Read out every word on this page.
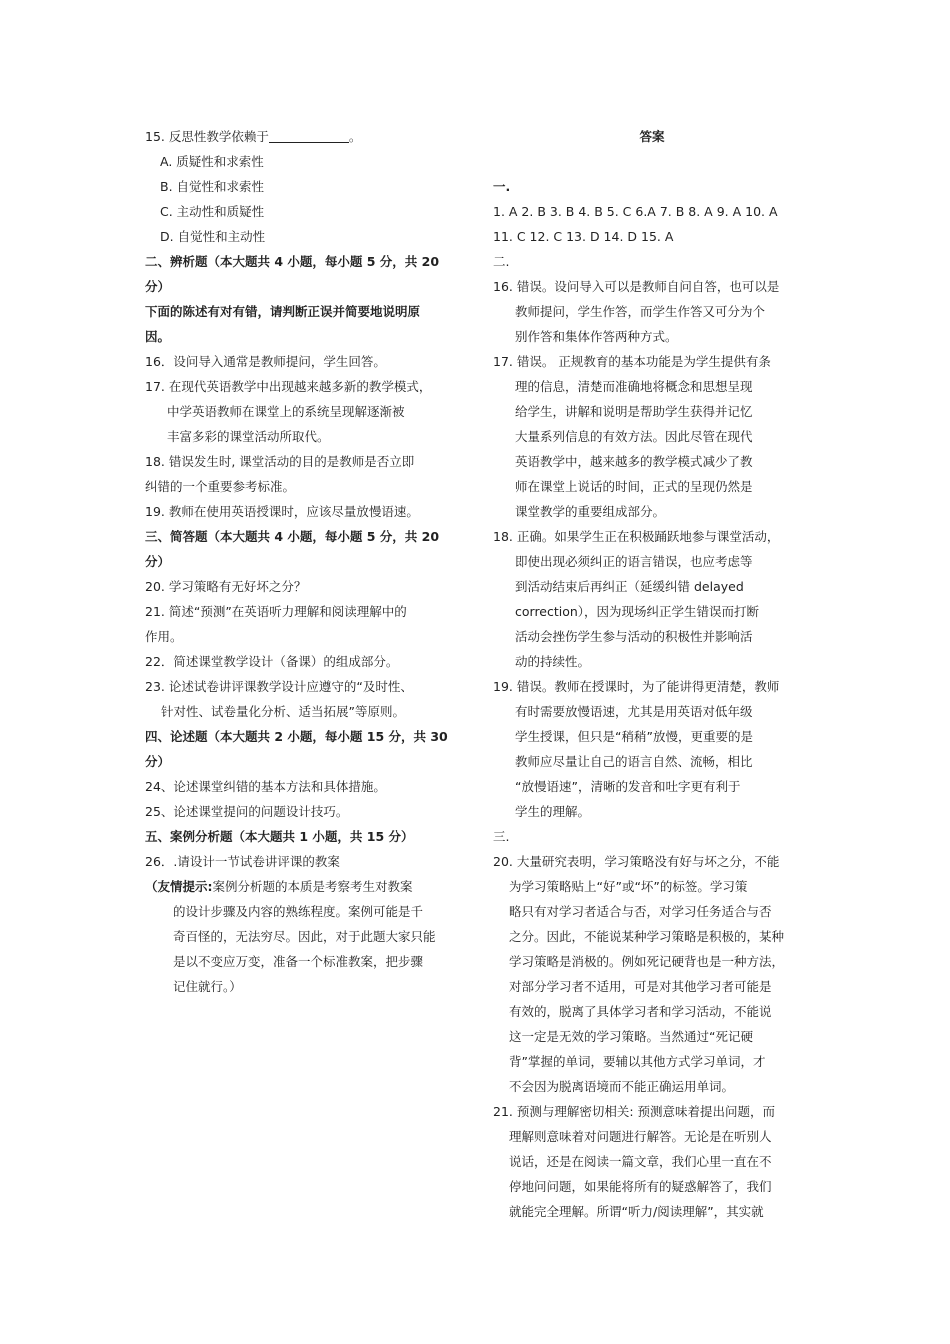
15. 反思性教学依赖于	。
A. 质疑性和求索性
B. 自觉性和求索性
C. 主动性和质疑性
D. 自觉性和主动性
二、辨析题（本大题共 4 小题，每小题 5 分，共 20
分）
下面的陈述有对有错，请判断正误并简要地说明原
因。
16．设问导入通常是教师提问，学生回答。
17. 在现代英语教学中出现越来越多新的教学模式，
中学英语教师在课堂上的系统呈现解逐渐被
丰富多彩的课堂活动所取代。
18. 错误发生时, 课堂活动的目的是教师是否立即
纠错的一个重要参考标准。
19. 教师在使用英语授课时，应该尽量放慢语速。
三、简答题（本大题共 4 小题，每小题 5 分，共 20
分）
20. 学习策略有无好坏之分？
21. 简述“预测”在英语听力理解和阅读理解中的
作用。
22．简述课堂教学设计（备课）的组成部分。
23. 论述试卷讲评课教学设计应遵守的“及时性、
针对性、试卷量化分析、适当拓展”等原则。
四、论述题（本大题共 2 小题，每小题 15 分，共 30
分）
24、论述课堂纠错的基本方法和具体措施。
25、论述课堂提问的问题设计技巧。
五、案例分析题（本大题共 1 小题，共 15 分）
26．.请设计一节试卷讲评课的教案
（友情提示:案例分析题的本质是考察考生对教案
的设计步骤及内容的熟练程度。案例可能是千
奇百怪的，无法穷尽。因此，对于此题大家只能
是以不变应万变，准备一个标准教案，把步骤
记住就行。）
答案

一.
1. A 2. B 3. B 4. B 5. C 6.A 7. B 8. A 9. A 10. A
11. C 12. C 13. D 14. D 15. A
二.
16. 错误。设问导入可以是教师自问自答，也可以是
教师提问，学生作答，而学生作答又可分为个
别作答和集体作答两种方式。
17. 错误。 正规教育的基本功能是为学生提供有条
理的信息，清楚而准确地将概念和思想呈现
给学生，讲解和说明是帮助学生获得并记忆
大量系列信息的有效方法。因此尽管在现代
英语教学中，越来越多的教学模式减少了教
师在课堂上说话的时间，正式的呈现仍然是
课堂教学的重要组成部分。
18. 正确。如果学生正在积极踊跃地参与课堂活动，
即使出现必须纠正的语言错误，也应考虑等
到活动结束后再纠正（延缓纠错 delayed
correction），因为现场纠正学生错误而打断
活动会挫伤学生参与活动的积极性并影响活
动的持续性。
19. 错误。教师在授课时，为了能讲得更清楚，教师
有时需要放慢语速，尤其是用英语对低年级
学生授课，但只是“稍稍”放慢，更重要的是
教师应尽量让自己的语言自然、流畅，相比
“放慢语速”，清晰的发音和吐字更有利于
学生的理解。
三.
20. 大量研究表明，学习策略没有好与坏之分，不能
为学习策略贴上“好”或“坏”的标签。学习策
略只有对学习者适合与否，对学习任务适合与否
之分。因此，不能说某种学习策略是积极的，某种
学习策略是消极的。例如死记硬背也是一种方法，
对部分学习者不适用，可是对其他学习者可能是
有效的，脱离了具体学习者和学习活动，不能说
这一定是无效的学习策略。当然通过“死记硬
背”掌握的单词，要辅以其他方式学习单词，才
不会因为脱离语境而不能正确运用单词。
21. 预测与理解密切相关: 预测意味着提出问题，而
理解则意味着对问题进行解答。无论是在听别人
说话，还是在阅读一篇文章，我们心里一直在不
停地问问题，如果能将所有的疑惑解答了，我们
就能完全理解。所谓“听力/阅读理解”，其实就
